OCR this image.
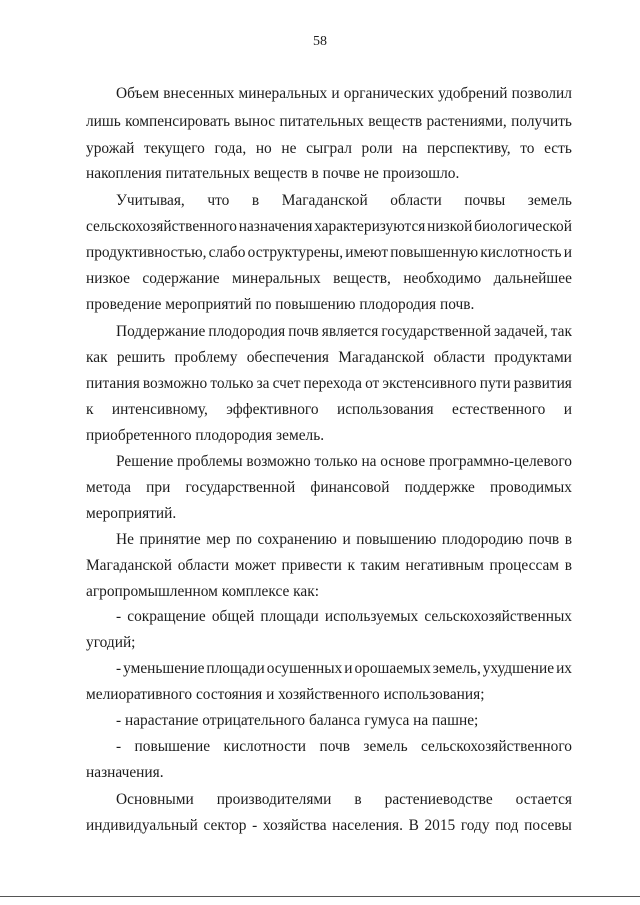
58
Объем внесенных минеральных и органических удобрений позволил
лишь компенсировать вынос питательных веществ растениями, получить
урожай текущего года, но не сыграл роли на перспективу, то есть
накопления питательных веществ в почве не произошло.
Учитывая, что в Магаданской области почвы земель
сельскохозяйственного назначения характеризуются низкой биологической
продуктивностью, слабо оструктурены, имеют повышенную кислотность и
низкое содержание минеральных веществ, необходимо дальнейшее
проведение мероприятий по повышению плодородия почв.
Поддержание плодородия почв является государственной задачей, так
как решить проблему обеспечения Магаданской области продуктами
питания возможно только за счет перехода от экстенсивного пути развития
к интенсивному, эффективного использования естественного и
приобретенного плодородия земель.
Решение проблемы возможно только на основе программно-целевого
метода при государственной финансовой поддержке проводимых
мероприятий.
Не принятие мер по сохранению и повышению плодородию почв в
Магаданской области может привести к таким негативным процессам в
агропромышленном комплексе как:
- сокращение общей площади используемых сельскохозяйственных
угодий;
- уменьшение площади осушенных и орошаемых земель, ухудшение их
мелиоративного состояния и хозяйственного использования;
- нарастание отрицательного баланса гумуса на пашне;
- повышение кислотности почв земель сельскохозяйственного
назначения.
Основными производителями в растениеводстве остается
индивидуальный сектор - хозяйства населения. В 2015 году под посевы
